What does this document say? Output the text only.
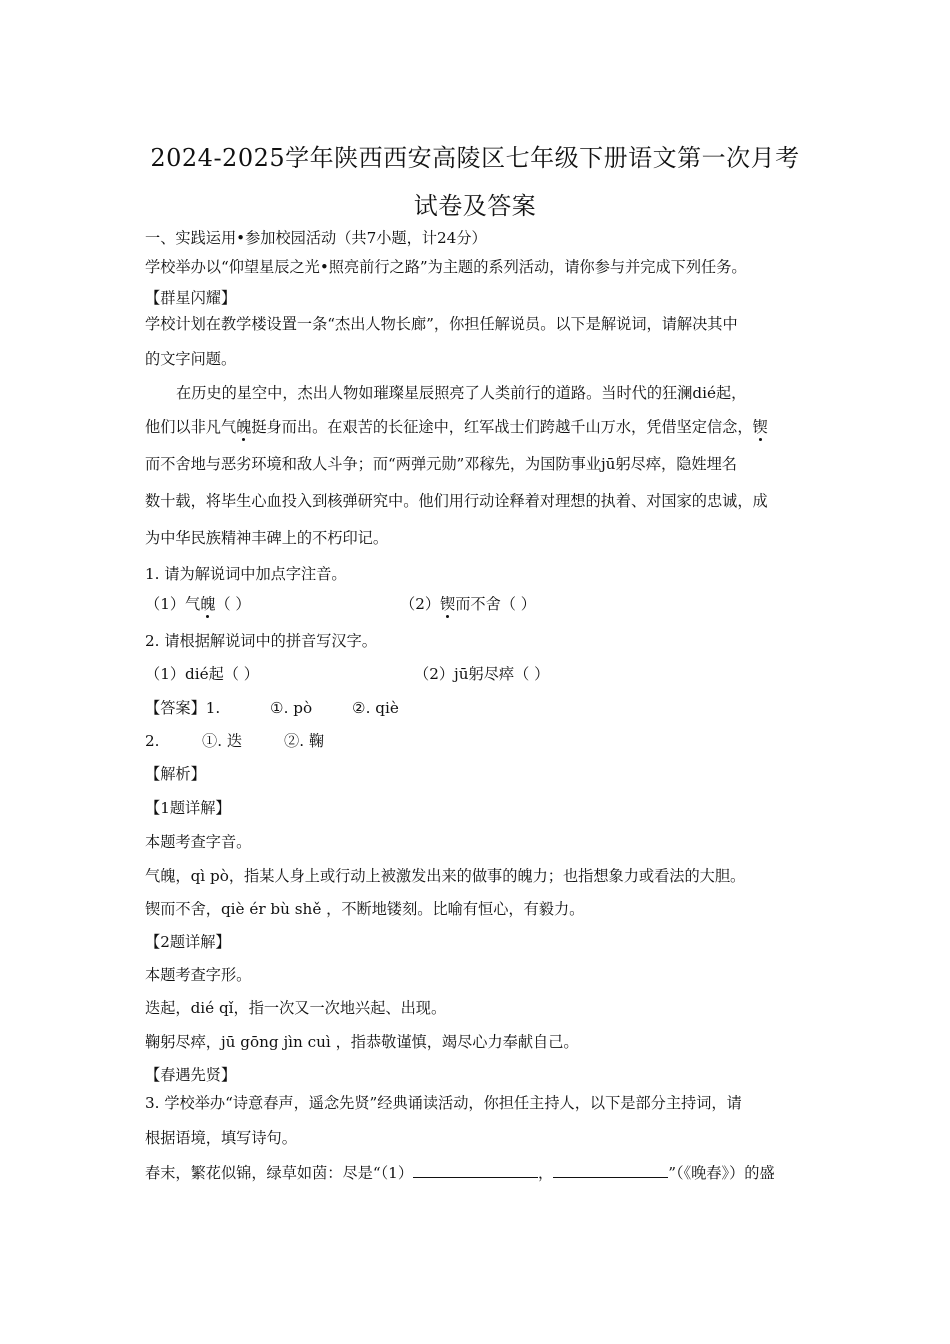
2024-2025学年陕西西安高陵区七年级下册语文第一次月考
试卷及答案
一、实践运用•参加校园活动（共7小题，计24分）
学校举办以“仰望星辰之光•照亮前行之路”为主题的系列活动，请你参与并完成下列任务。
【群星闪耀】
学校计划在教学楼设置一条“杰出人物长廊”，你担任解说员。以下是解说词，请解决其中
的文字问题。
在历史的星空中，杰出人物如璀璨星辰照亮了人类前行的道路。当时代的狂澜dié起，
他们以非凡气魄挺身而出。在艰苦的长征途中，红军战士们跨越千山万水，凭借坚定信念，锲
而不舍地与恶劣环境和敌人斗争；而“两弹元勋”邓稼先，为国防事业jū躬尽瘁，隐姓埋名
数十载，将毕生心血投入到核弹研究中。他们用行动诠释着对理想的执着、对国家的忠诚，成
为中华民族精神丰碑上的不朽印记。
1. 请为解说词中加点字注音。
（1）气魄（ ）	（2）锲而不舍（ ）
2. 请根据解说词中的拼音写汉字。
（1）dié起（ ）	（2）jū躬尽瘁（ ）
【答案】1.	①. pò	②. qiè
2.	①. 迭	②. 鞠
【解析】
【1题详解】
本题考查字音。
气魄，qì pò，指某人身上或行动上被激发出来的做事的魄力；也指想象力或看法的大胆。
锲而不舍，qiè ér bù shě ，不断地镂刻。比喻有恒心，有毅力。
【2题详解】
本题考查字形。
迭起，dié qǐ，指一次又一次地兴起、出现。
鞠躬尽瘁，jū gōng jìn cuì ，指恭敬谨慎，竭尽心力奉献自己。
【春遇先贤】
3. 学校举办“诗意春声，遥念先贤”经典诵读活动，你担任主持人，以下是部分主持词，请
根据语境，填写诗句。
春末，繁花似锦，绿草如茵：尽是“（1）	，	”（《晚春》）的盛
